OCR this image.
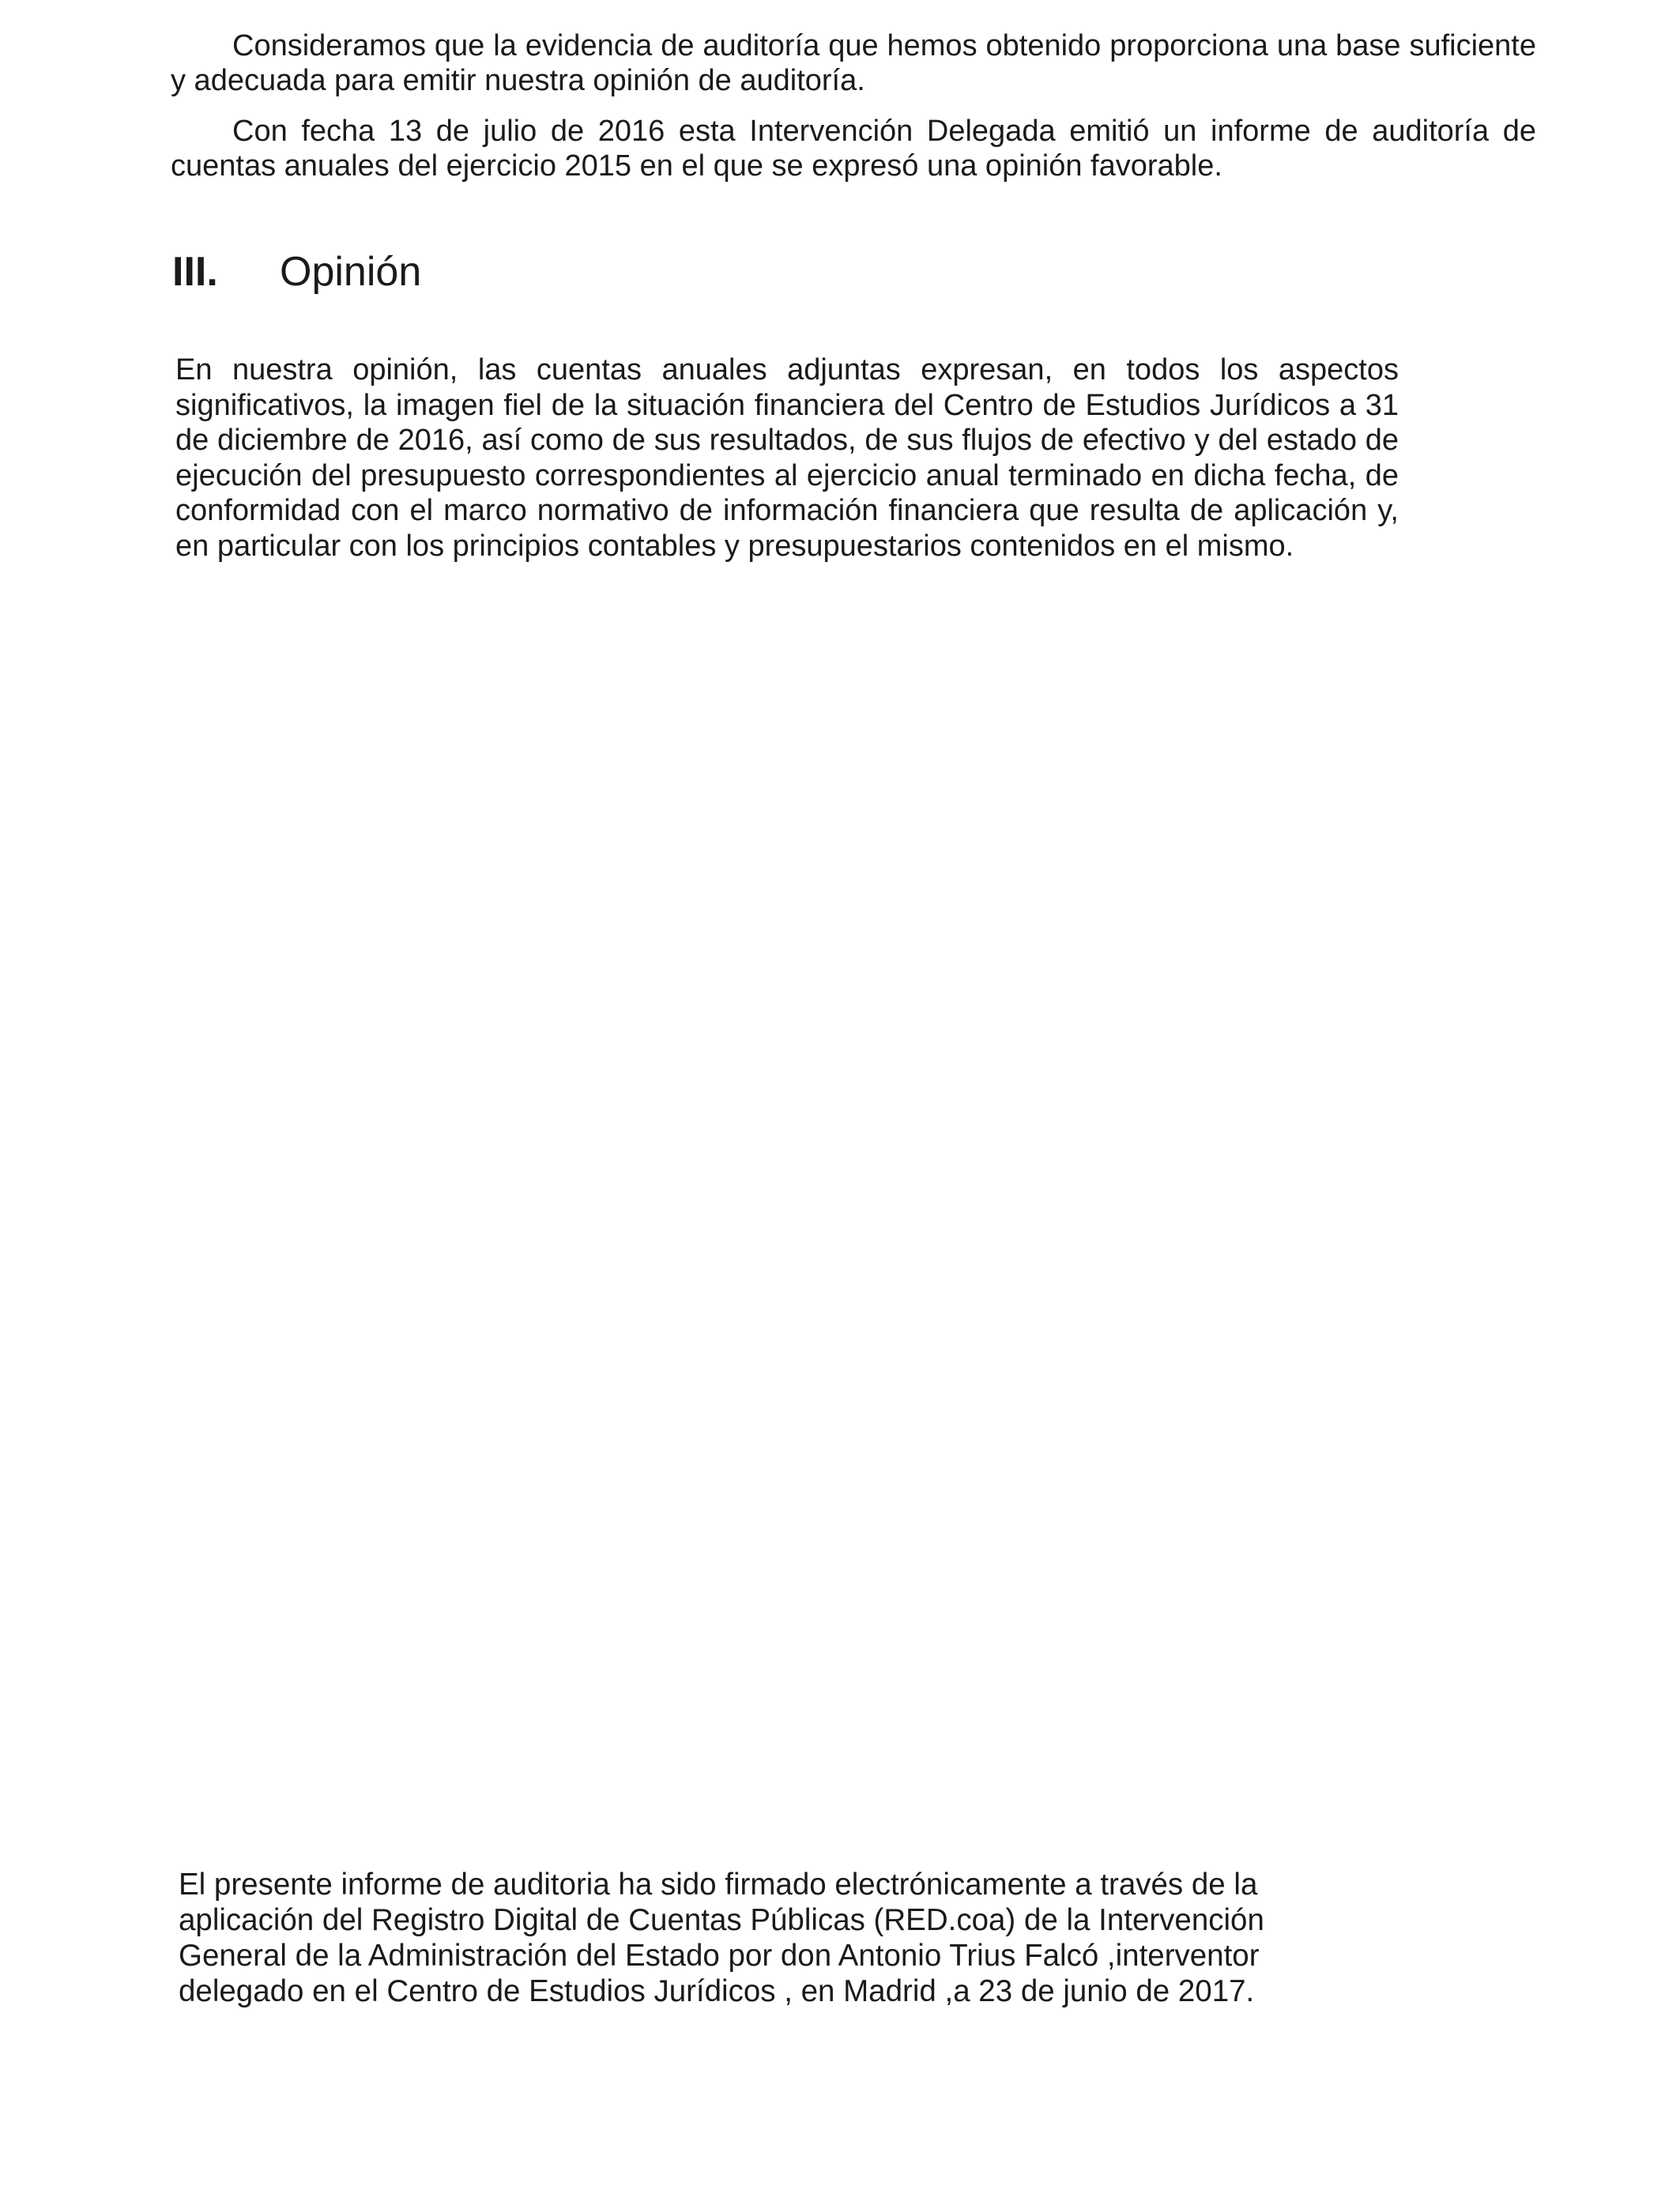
Consideramos que la evidencia de auditoría que hemos obtenido proporciona una base suficiente y adecuada para emitir nuestra opinión de auditoría.

Con fecha 13 de julio de 2016 esta Intervención Delegada emitió un informe de auditoría de cuentas anuales del ejercicio 2015 en el que se expresó una opinión favorable.

III.	Opinión

En nuestra opinión, las cuentas anuales adjuntas expresan, en todos los aspectos significativos, la imagen fiel de la situación financiera del Centro de Estudios Jurídicos a 31 de diciembre de 2016, así como de sus resultados, de sus flujos de efectivo y del estado de ejecución del presupuesto correspondientes al ejercicio anual terminado en dicha fecha, de conformidad con el marco normativo de información financiera que resulta de aplicación y, en particular con los principios contables y presupuestarios contenidos en el mismo.

El presente informe de auditoria ha sido firmado electrónicamente a través de la aplicación del Registro Digital de Cuentas Públicas (RED.coa) de la Intervención General de la Administración del Estado por don Antonio Trius Falcó ,interventor delegado en el Centro de Estudios Jurídicos , en Madrid ,a 23 de junio de 2017.
